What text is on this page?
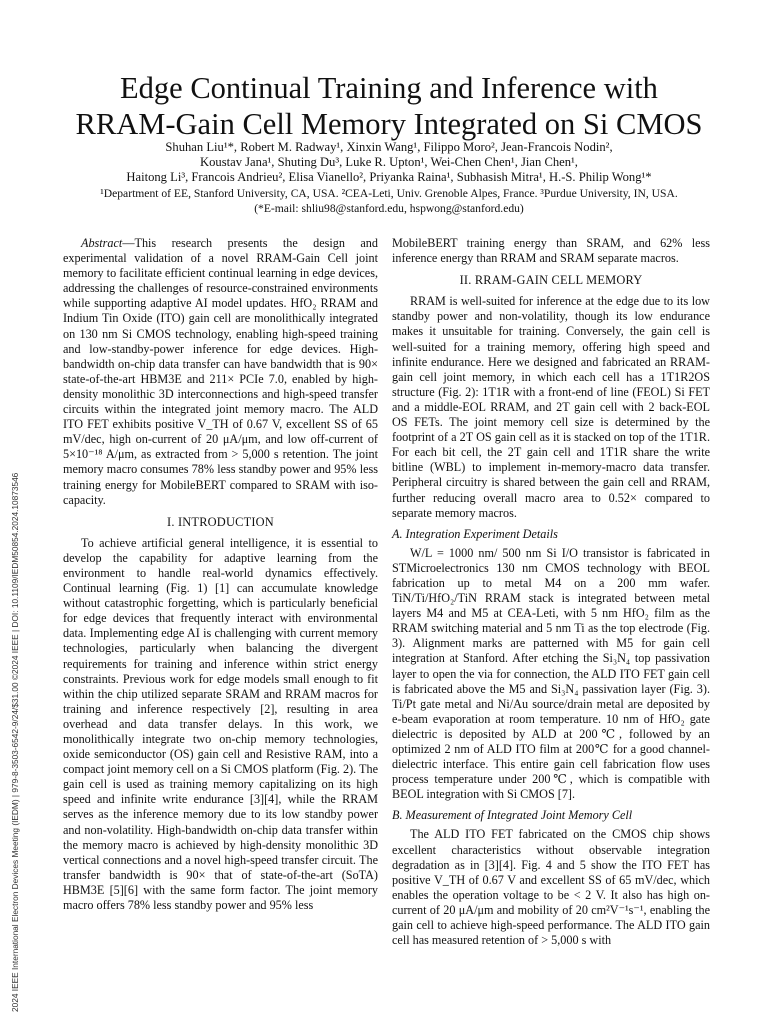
2024 IEEE International Electron Devices Meeting (IEDM) | 979-8-3503-6542-9/24/$31.00 ©2024 IEEE | DOI: 10.1109/IEDM50854.2024.10873546
Edge Continual Training and Inference with
RRAM-Gain Cell Memory Integrated on Si CMOS
Shuhan Liu¹*, Robert M. Radway¹, Xinxin Wang¹, Filippo Moro², Jean-Francois Nodin²,
Koustav Jana¹, Shuting Du³, Luke R. Upton¹, Wei-Chen Chen¹, Jian Chen¹,
Haitong Li³, Francois Andrieu², Elisa Vianello², Priyanka Raina¹, Subhasish Mitra¹, H.-S. Philip Wong¹*
¹Department of EE, Stanford University, CA, USA. ²CEA-Leti, Univ. Grenoble Alpes, France. ³Purdue University, IN, USA.
(*E-mail: shliu98@stanford.edu, hspwong@stanford.edu)

Abstract—This research presents the design and experimental validation of a novel RRAM-Gain Cell joint memory to facilitate efficient continual learning in edge devices, addressing the challenges of resource-constrained environments while supporting adaptive AI model updates. HfO₂ RRAM and Indium Tin Oxide (ITO) gain cell are monolithically integrated on 130 nm Si CMOS technology, enabling high-speed training and low-standby-power inference for edge devices. High-bandwidth on-chip data transfer can have bandwidth that is 90× state-of-the-art HBM3E and 211× PCIe 7.0, enabled by high-density monolithic 3D interconnections and high-speed transfer circuits within the integrated joint memory macro. The ALD ITO FET exhibits positive V_TH of 0.67 V, excellent SS of 65 mV/dec, high on-current of 20 μA/μm, and low off-current of 5×10⁻¹⁸ A/μm, as extracted from > 5,000 s retention. The joint memory macro consumes 78% less standby power and 95% less training energy for MobileBERT compared to SRAM with iso-capacity.

I. INTRODUCTION

To achieve artificial general intelligence, it is essential to develop the capability for adaptive learning from the environment to handle real-world dynamics effectively. Continual learning (Fig. 1) [1] can accumulate knowledge without catastrophic forgetting, which is particularly beneficial for edge devices that frequently interact with environmental data. Implementing edge AI is challenging with current memory technologies, particularly when balancing the divergent requirements for training and inference within strict energy constraints. Previous work for edge models small enough to fit within the chip utilized separate SRAM and RRAM macros for training and inference respectively [2], resulting in area overhead and data transfer delays. In this work, we monolithically integrate two on-chip memory technologies, oxide semiconductor (OS) gain cell and Resistive RAM, into a compact joint memory cell on a Si CMOS platform (Fig. 2). The gain cell is used as training memory capitalizing on its high speed and infinite write endurance [3][4], while the RRAM serves as the inference memory due to its low standby power and non-volatility. High-bandwidth on-chip data transfer within the memory macro is achieved by high-density monolithic 3D vertical connections and a novel high-speed transfer circuit. The transfer bandwidth is 90× that of state-of-the-art (SoTA) HBM3E [5][6] with the same form factor. The joint memory macro offers 78% less standby power and 95% less

MobileBERT training energy than SRAM, and 62% less inference energy than RRAM and SRAM separate macros.

II. RRAM-GAIN CELL MEMORY

RRAM is well-suited for inference at the edge due to its low standby power and non-volatility, though its low endurance makes it unsuitable for training. Conversely, the gain cell is well-suited for a training memory, offering high speed and infinite endurance. Here we designed and fabricated an RRAM-gain cell joint memory, in which each cell has a 1T1R2OS structure (Fig. 2): 1T1R with a front-end of line (FEOL) Si FET and a middle-EOL RRAM, and 2T gain cell with 2 back-EOL OS FETs. The joint memory cell size is determined by the footprint of a 2T OS gain cell as it is stacked on top of the 1T1R. For each bit cell, the 2T gain cell and 1T1R share the write bitline (WBL) to implement in-memory-macro data transfer. Peripheral circuitry is shared between the gain cell and RRAM, further reducing overall macro area to 0.52× compared to separate memory macros.

A. Integration Experiment Details

W/L = 1000 nm/ 500 nm Si I/O transistor is fabricated in STMicroelectronics 130 nm CMOS technology with BEOL fabrication up to metal M4 on a 200 mm wafer. TiN/Ti/HfO₂/TiN RRAM stack is integrated between metal layers M4 and M5 at CEA-Leti, with 5 nm HfO₂ film as the RRAM switching material and 5 nm Ti as the top electrode (Fig. 3). Alignment marks are patterned with M5 for gain cell integration at Stanford. After etching the Si₃N₄ top passivation layer to open the via for connection, the ALD ITO FET gain cell is fabricated above the M5 and Si₃N₄ passivation layer (Fig. 3). Ti/Pt gate metal and Ni/Au source/drain metal are deposited by e-beam evaporation at room temperature. 10 nm of HfO₂ gate dielectric is deposited by ALD at 200℃, followed by an optimized 2 nm of ALD ITO film at 200℃ for a good channel-dielectric interface. This entire gain cell fabrication flow uses process temperature under 200℃, which is compatible with BEOL integration with Si CMOS [7].

B. Measurement of Integrated Joint Memory Cell

The ALD ITO FET fabricated on the CMOS chip shows excellent characteristics without observable integration degradation as in [3][4]. Fig. 4 and 5 show the ITO FET has positive V_TH of 0.67 V and excellent SS of 65 mV/dec, which enables the operation voltage to be < 2 V. It also has high on-current of 20 μA/μm and mobility of 20 cm²V⁻¹s⁻¹, enabling the gain cell to achieve high-speed performance. The ALD ITO gain cell has measured retention of > 5,000 s with
